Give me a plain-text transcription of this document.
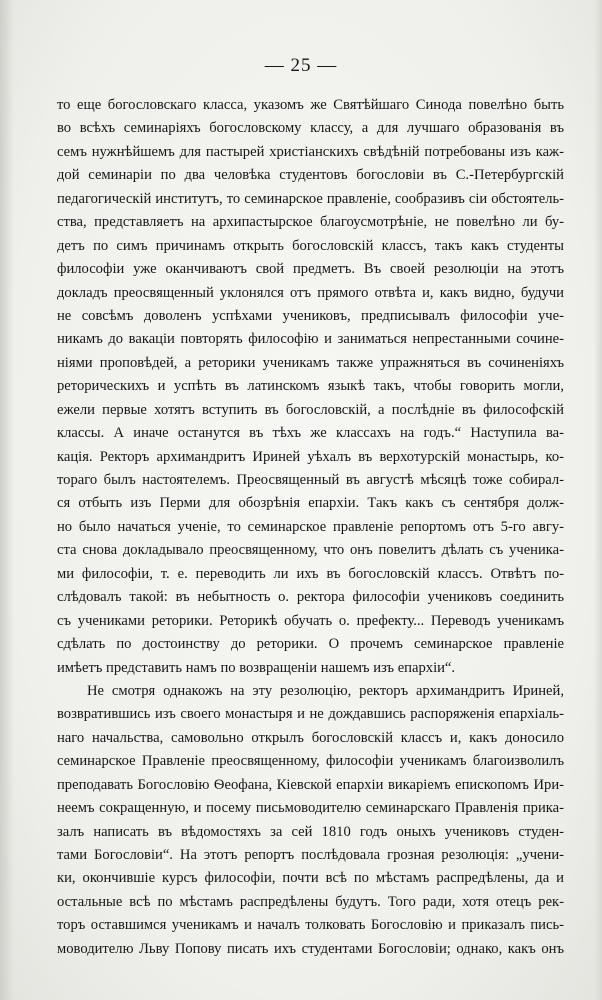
— 25 —
то еще богословскаго класса, указомъ же Святѣйшаго Синода повелѣно быть
во всѣхъ семинаріяхъ богословскому классу, а для лучшаго образованія въ
семъ нужнѣйшемъ для пастырей христіанскихъ свѣдѣній потребованы изъ каж-
дой семинаріи по два человѣка студентовъ богословіи въ С.-Петербургскій
педагогическій институтъ, то семинарское правленіе, сообразивъ сіи обстоятель-
ства, представляетъ на архипастырское благоусмотрѣніе, не повелѣно ли бу-
детъ по симъ причинамъ открыть богословскій классъ, такъ какъ студенты
философіи уже оканчиваютъ свой предметъ. Въ своей резолюціи на этотъ
докладъ преосвященный уклонялся отъ прямого отвѣта и, какъ видно, будучи
не совсѣмъ доволенъ успѣхами учениковъ, предписывалъ философіи уче-
никамъ до вакаціи повторять философію и заниматься непрестанными сочине-
ніями проповѣдей, а реторики ученикамъ также упражняться въ сочиненіяхъ
реторическихъ и успѣть въ латинскомъ языкѣ такъ, чтобы говорить могли,
ежели первые хотятъ вступить въ богословскій, а послѣдніе въ философскій
классы. А иначе останутся въ тѣхъ же классахъ на годъ.“ Наступила ва-
кація. Ректоръ архимандритъ Ириней уѣхалъ въ верхотурскій монастырь, ко-
тораго былъ настоятелемъ. Преосвященный въ августѣ мѣсяцѣ тоже собирал-
ся отбыть изъ Перми для обозрѣнія епархіи. Такъ какъ съ сентября долж-
но было начаться ученіе, то семинарское правленіе репортомъ отъ 5-го авгу-
ста снова докладывало преосвященному, что онъ повелитъ дѣлать съ ученика-
ми философіи, т. е. переводить ли ихъ въ богословскій классъ. Отвѣтъ по-
слѣдовалъ такой: въ небытность о. ректора философіи учениковъ соединить
съ учениками реторики. Реторикѣ обучать о. префекту... Переводъ ученикамъ
сдѣлать по достоинству до реторики. О прочемъ семинарское правленіе
имѣетъ представить намъ по возвращеніи нашемъ изъ епархіи“.
Не смотря однакожъ на эту резолюцію, ректоръ архимандритъ Ириней,
возвратившись изъ своего монастыря и не дождавшись распоряженія епархіаль-
наго начальства, самовольно открылъ богословскій классъ и, какъ доносило
семинарское Правленіе преосвященному, философіи ученикамъ благоизволилъ
преподавать Богословію Ѳеофана, Кіевской епархіи викаріемъ епископомъ Ири-
неемъ сокращенную, и посему письмоводителю семинарскаго Правленія прика-
залъ написать въ вѣдомостяхъ за сей 1810 годъ оныхъ учениковъ студен-
тами Богословіи“. На этотъ репортъ послѣдовала грозная резолюція: „учени-
ки, окончившіе курсъ философіи, почти всѣ по мѣстамъ распредѣлены, да и
остальные всѣ по мѣстамъ распредѣлены будутъ. Того ради, хотя отецъ рек-
торъ оставшимся ученикамъ и началъ толковать Богословію и приказалъ пись-
моводителю Льву Попову писать ихъ студентами Богословіи; однако, какъ онъ
